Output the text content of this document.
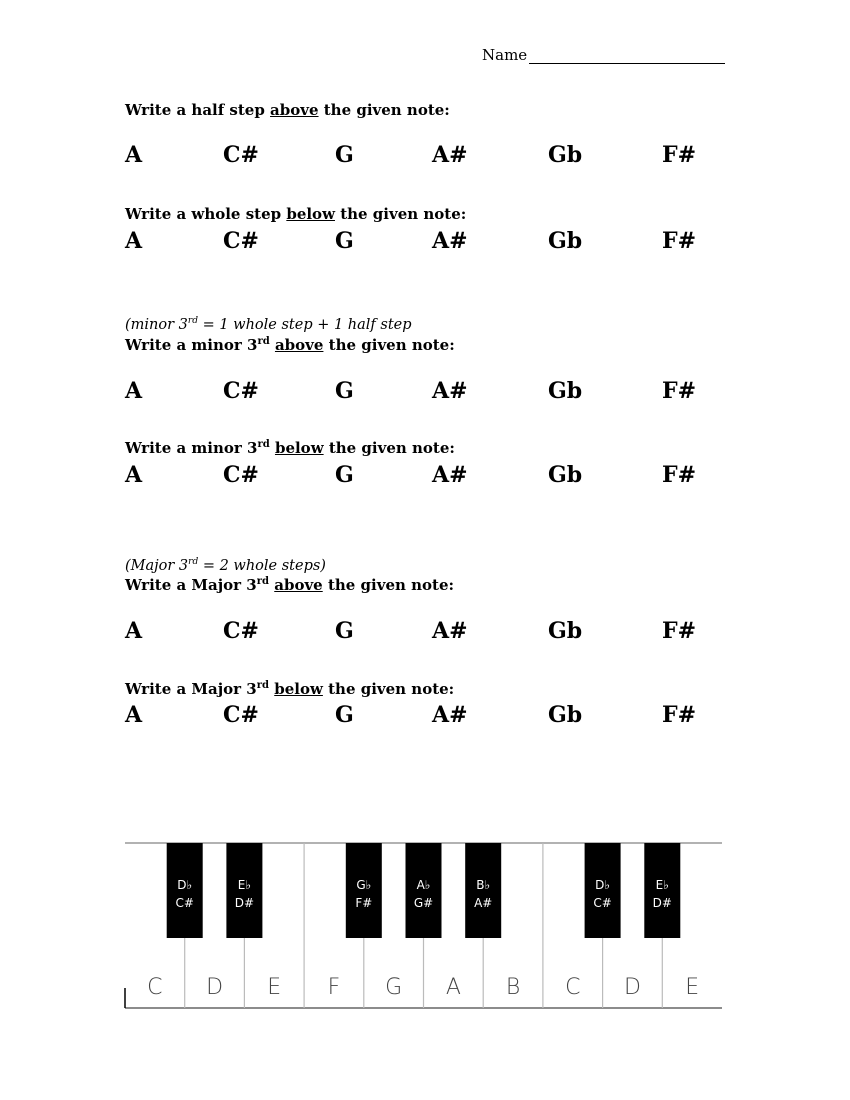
Name
Write a half step above the given note:
A	C#	G	A#	Gb	F#
Write a whole step below the given note:
A	C#	G	A#	Gb	F#
(minor 3rd = 1 whole step + 1 half step
Write a minor 3rd above the given note:
A	C#	G	A#	Gb	F#
Write a minor 3rd below the given note:
A	C#	G	A#	Gb	F#
(Major 3rd = 2 whole steps)
Write a Major 3rd above the given note:
A	C#	G	A#	Gb	F#
Write a Major 3rd below the given note:
A	C#	G	A#	Gb	F#
C D E F G A B C D E
D♭
C#
E♭
D#
G♭
F#
A♭
G#
B♭
A#
D♭
C#
E♭
D#
